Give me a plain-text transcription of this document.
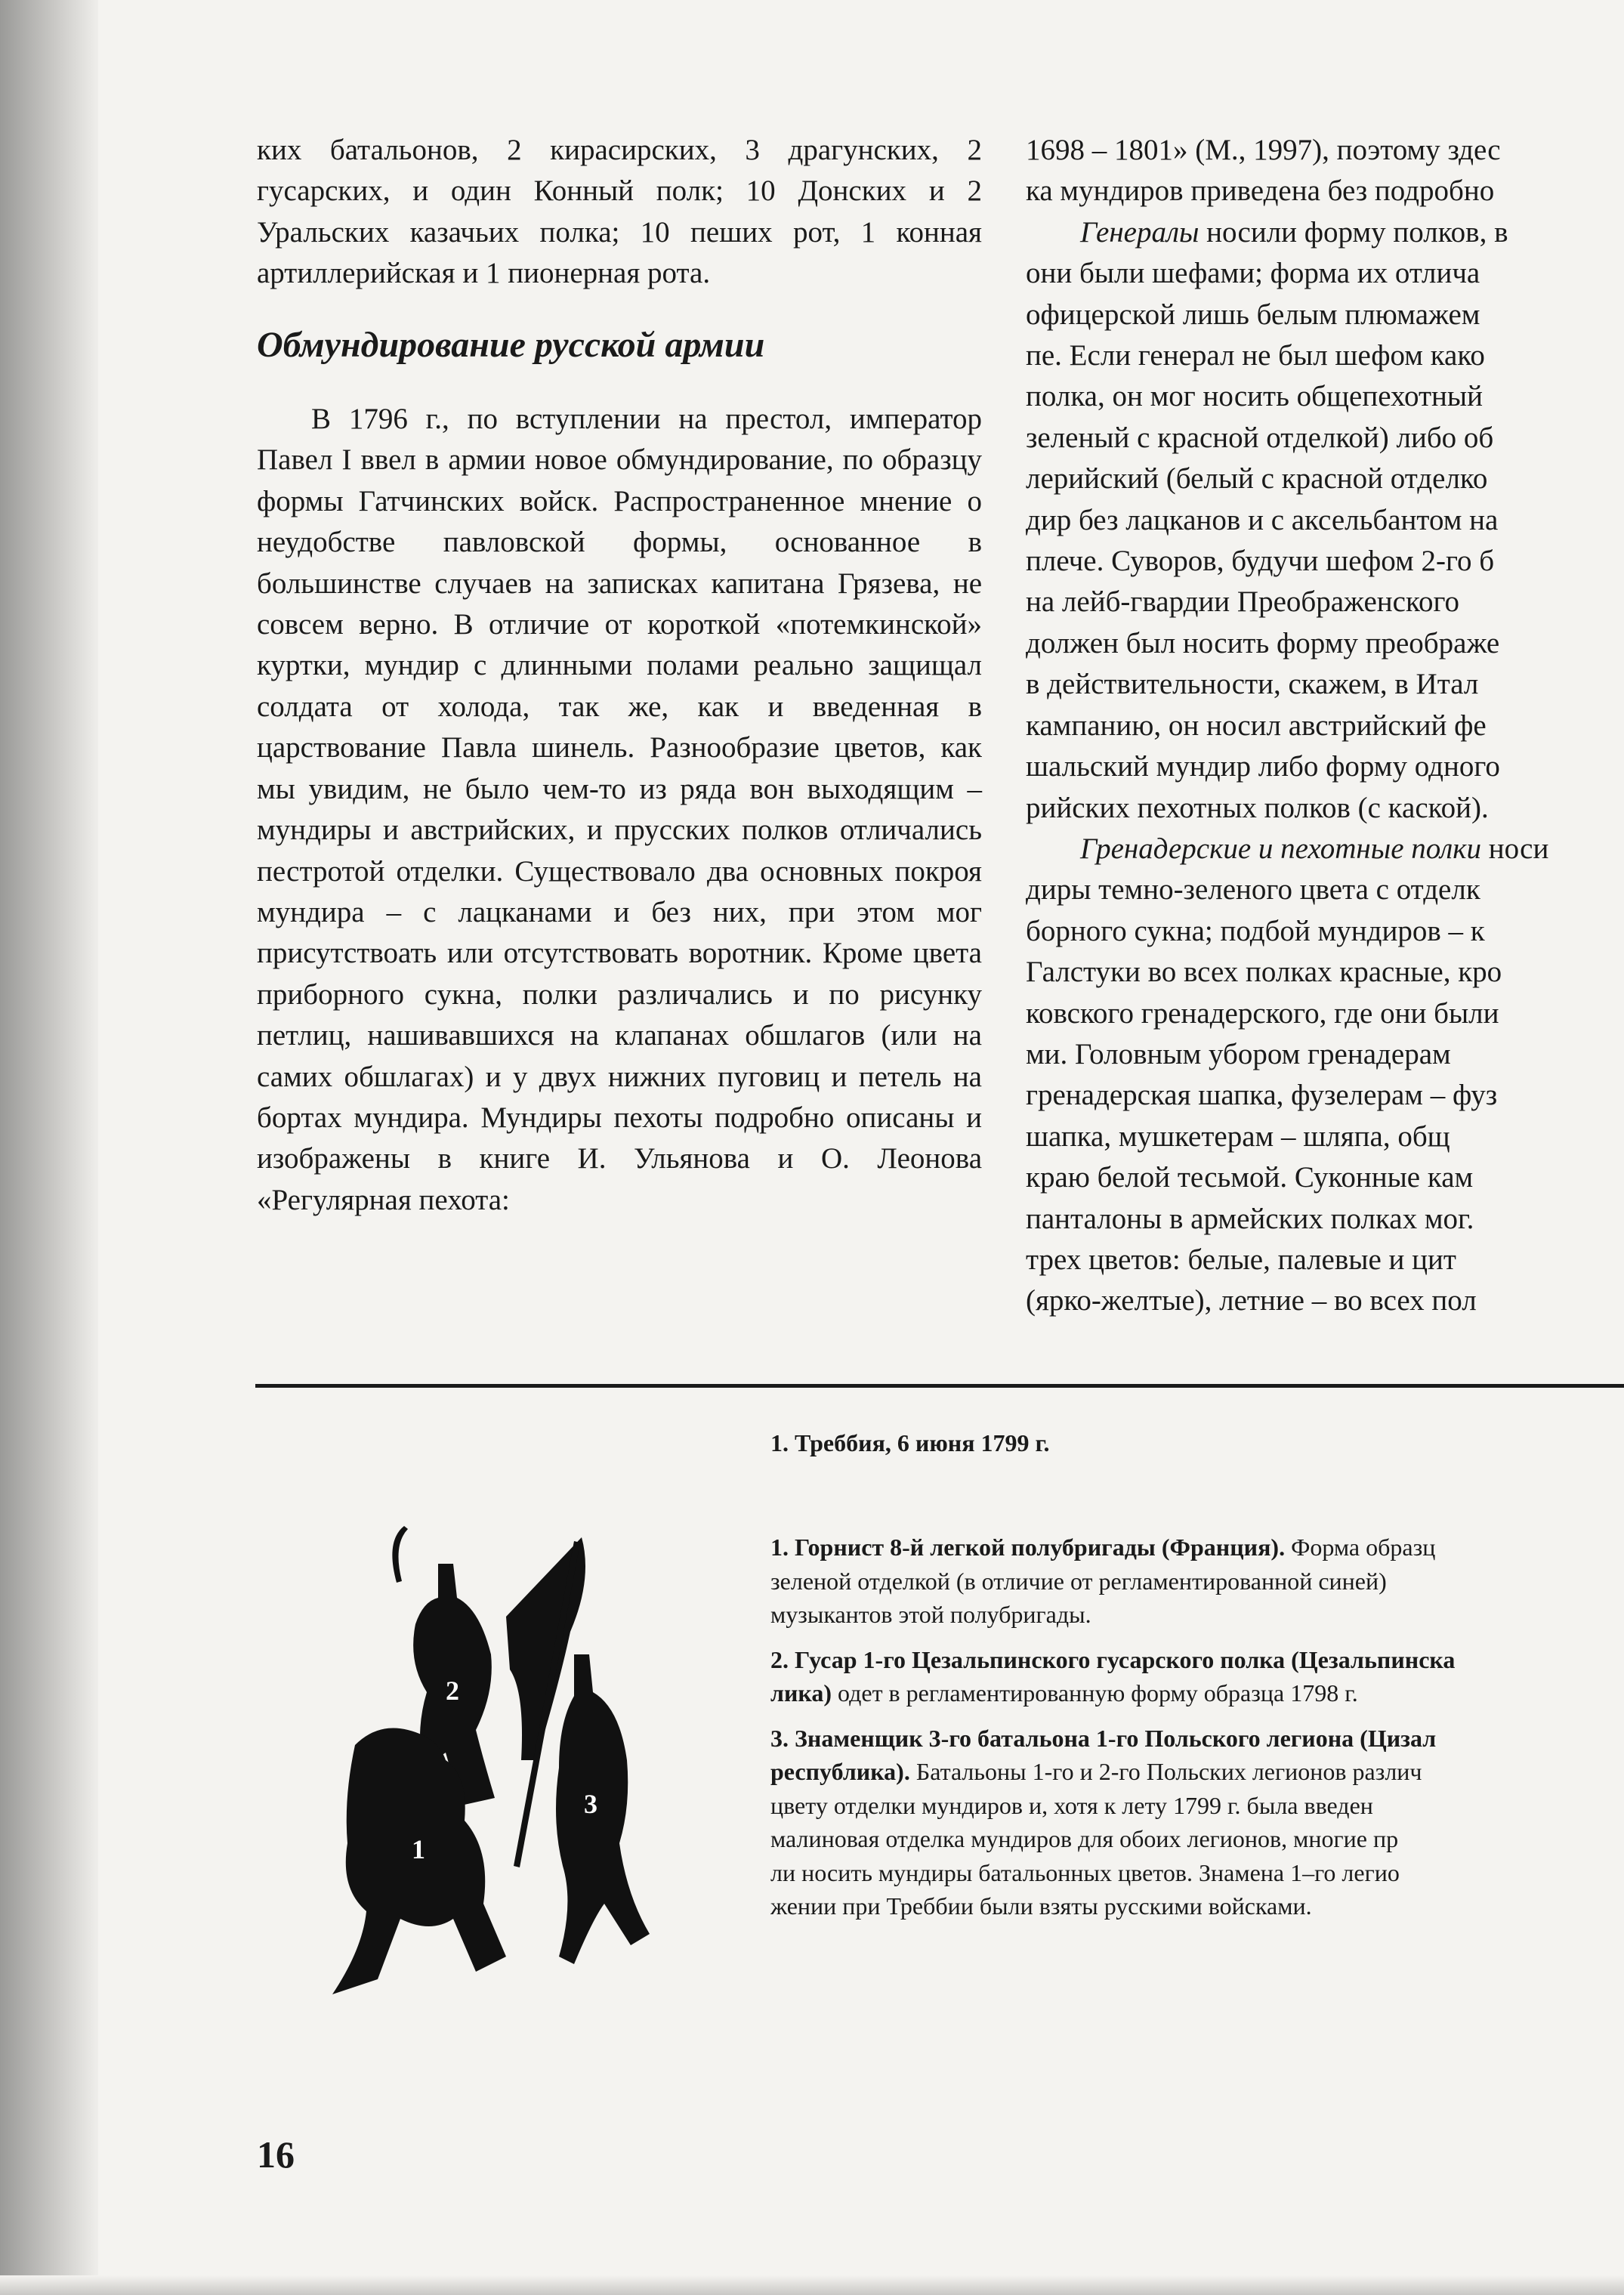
ких батальонов, 2 кирасирских, 3 драгунских, 2 гусарских, и один Конный полк; 10 Донских и 2 Уральских казачьих полка; 10 пеших рот, 1 конная артиллерийская и 1 пионерная рота.

Обмундирование русской армии

В 1796 г., по вступлении на престол, император Павел I ввел в армии новое обмундирование, по образцу формы Гатчинских войск. Распространенное мнение о неудобстве павловской формы, основанное в большинстве случаев на записках капитана Грязева, не совсем верно. В отличие от короткой «потемкинской» куртки, мундир с длинными полами реально защищал солдата от холода, так же, как и введенная в царствование Павла шинель. Разнообразие цветов, как мы увидим, не было чем-то из ряда вон выходящим – мундиры и австрийских, и прусских полков отличались пестротой отделки. Существовало два основных покроя мундира – с лацканами и без них, при этом мог присутствоать или отсутствовать воротник. Кроме цвета приборного сукна, полки различались и по рисунку петлиц, нашивавшихся на клапанах обшлагов (или на самих обшлагах) и у двух нижних пуговиц и петель на бортах мундира. Мундиры пехоты подробно описаны и изображены в книге И. Ульянова и О. Леонова «Регулярная пехота:

1698 – 1801» (М., 1997), поэтому здес

ка мундиров приведена без подробно

Генералы носили форму полков, в

они были шефами; форма их отлича

офицерской лишь белым плюмажем

пе. Если генерал не был шефом како

полка, он мог носить общепехотный

зеленый с красной отделкой) либо об

лерийский (белый с красной отделко

дир без лацканов и с аксельбантом на

плече. Суворов, будучи шефом 2-го б

на лейб-гвардии Преображенского

должен был носить форму преображе

в действительности, скажем, в Итал

кампанию, он носил австрийский фе

шальский мундир либо форму одного

рийских пехотных полков (с каской).

Гренадерские и пехотные полки носи

диры темно-зеленого цвета с отделк

борного сукна; подбой мундиров – к

Галстуки во всех полках красные, кро

ковского гренадерского, где они были

ми. Головным убором гренадерам

гренадерская шапка, фузелерам – фуз

шапка, мушкетерам – шляпа, общ

краю белой тесьмой. Суконные кам

панталоны в армейских полках мог.

трех цветов: белые, палевые и цит

(ярко-желтые), летние – во всех пол

1. Треббия, 6 июня 1799 г.

1. Горнист 8-й легкой полубригады (Франция). Форма образц
зеленой отделкой (в отличие от регламентированной синей)
музыкантов этой полубригады.

2. Гусар 1-го Цезальпинского гусарского полка (Цезальпинска
лика) одет в регламентированную форму образца 1798 г.

3. Знаменщик 3-го батальона 1-го Польского легиона (Цизал
республика). Батальоны 1-го и 2-го Польских легионов различ
цвету отделки мундиров и, хотя к лету 1799 г. была введен
малиновая отделка мундиров для обоих легионов, многие пр
ли носить мундиры батальонных цветов. Знамена 1–го легио
жении при Треббии были взяты русскими войсками.

1
2
3
16
